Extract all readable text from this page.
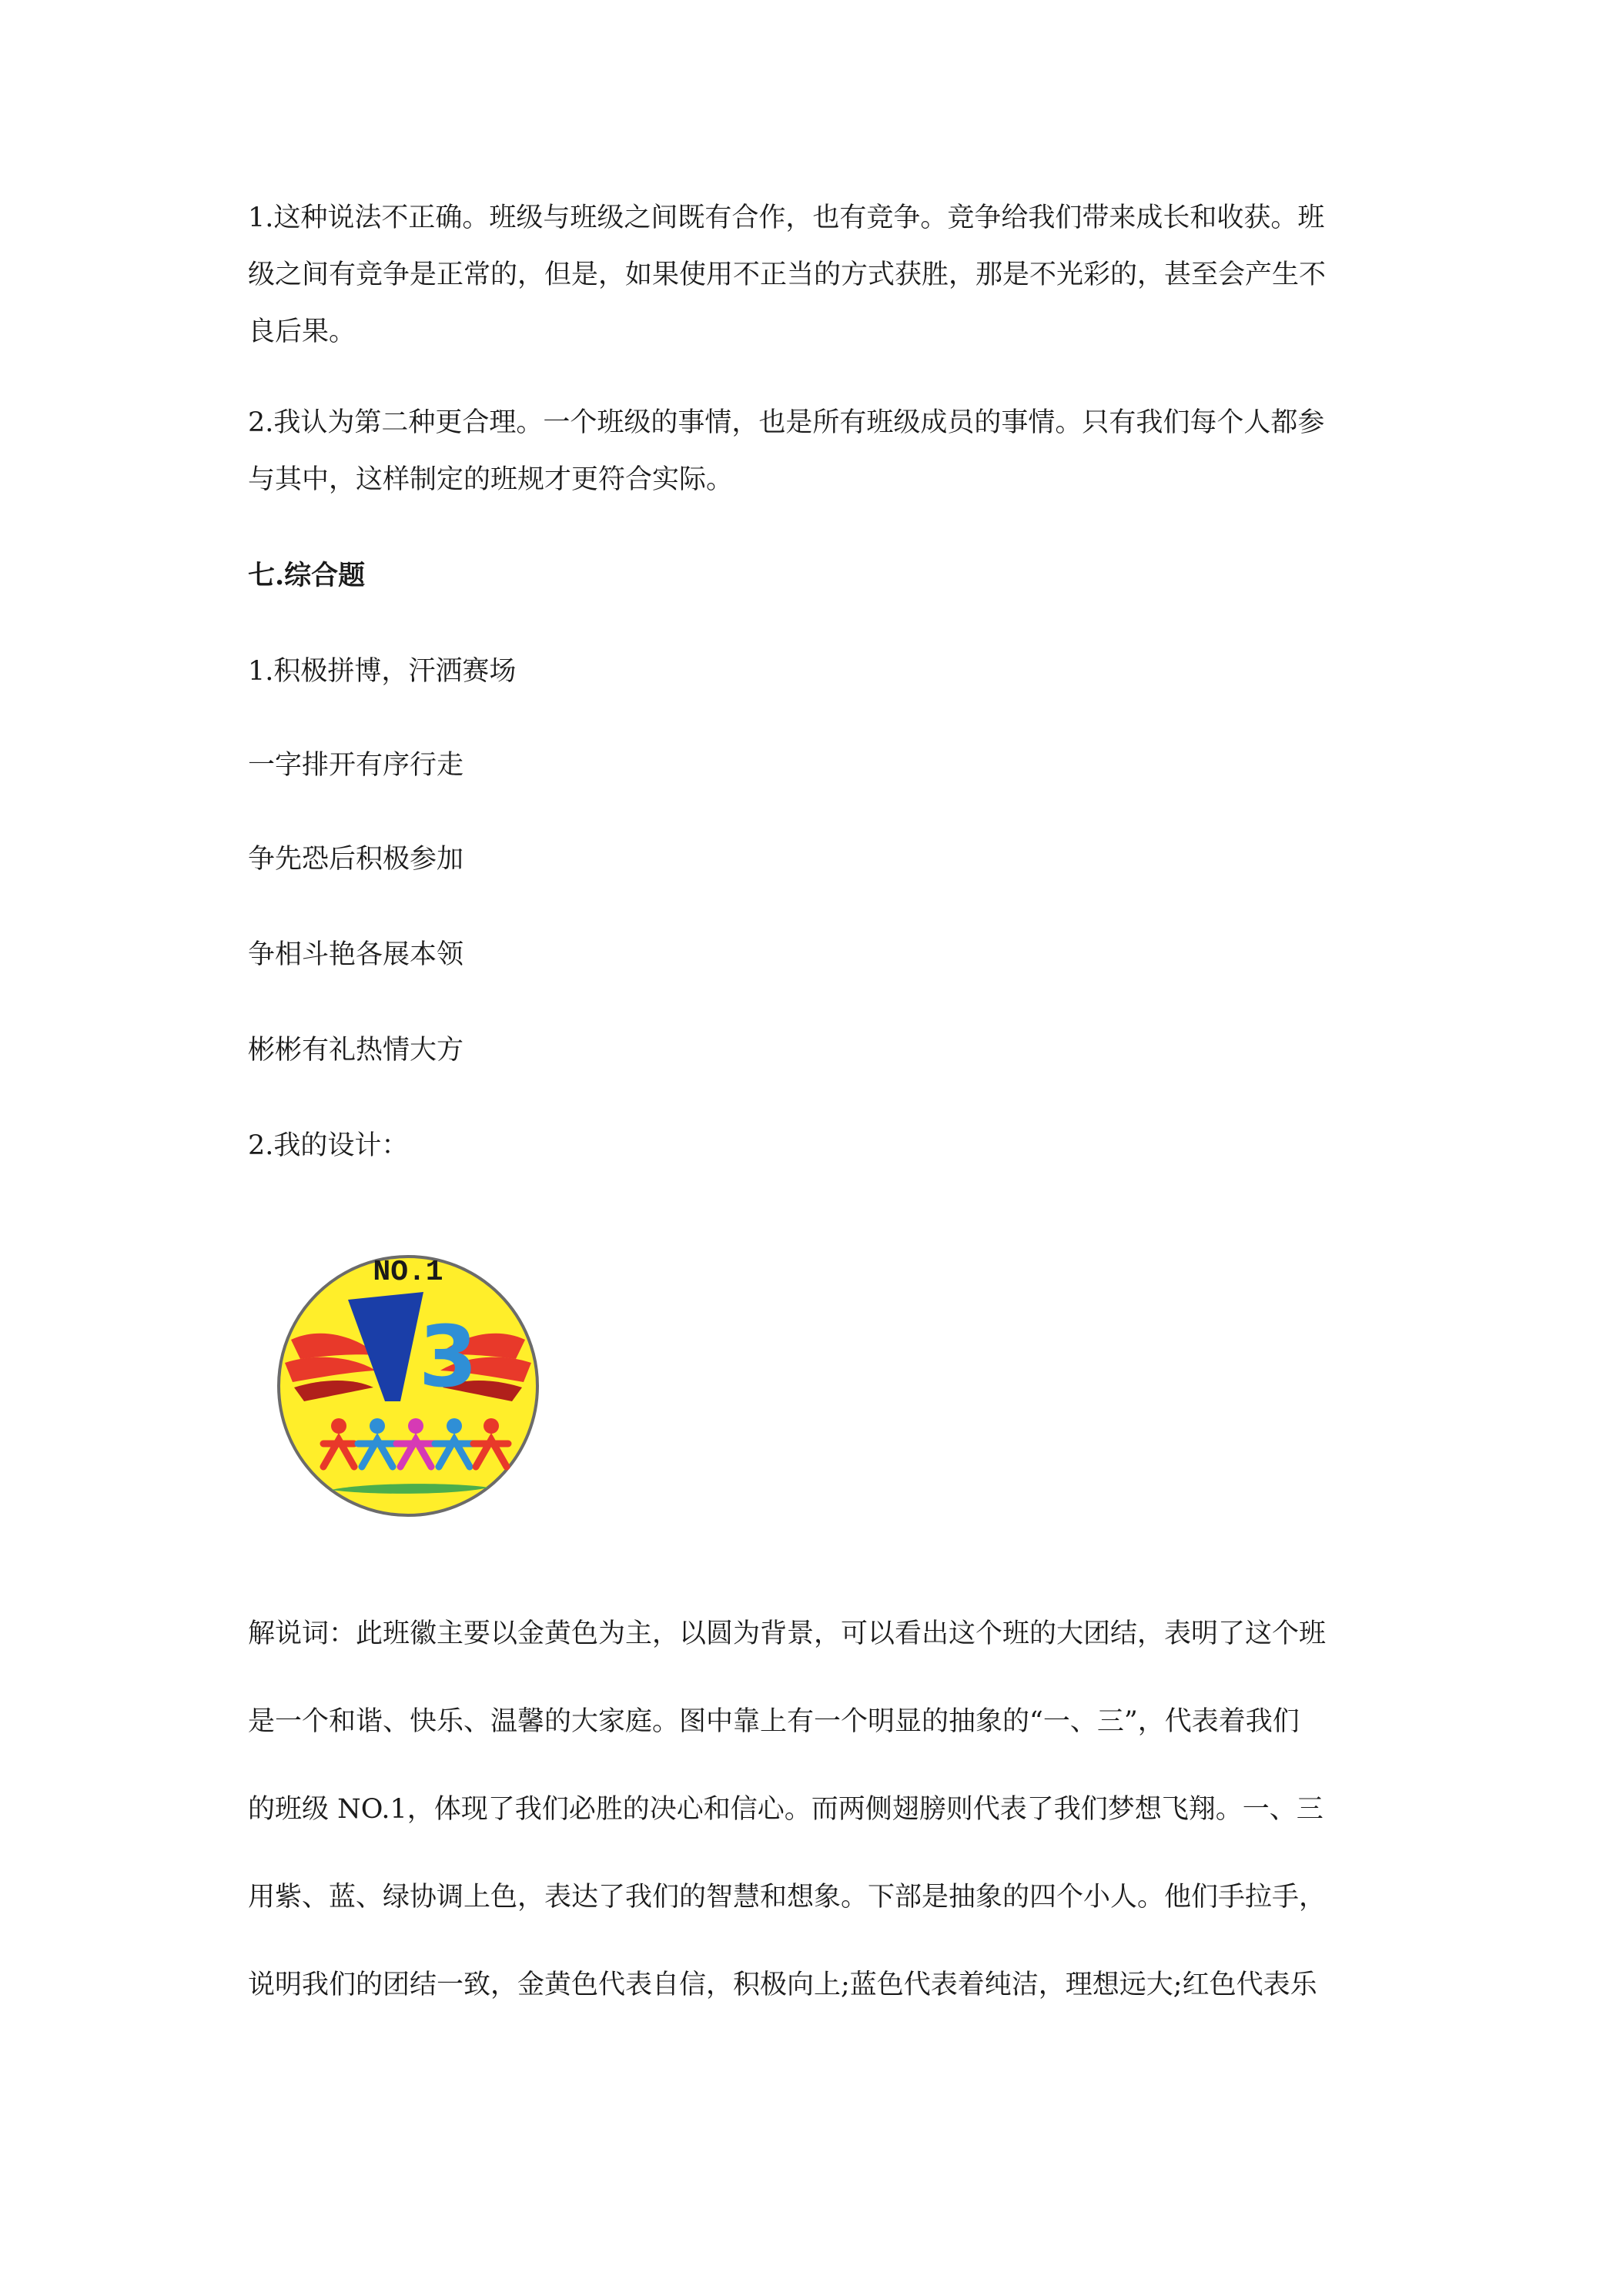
1.这种说法不正确。班级与班级之间既有合作，也有竞争。竞争给我们带来成长和收获。班
级之间有竞争是正常的，但是，如果使用不正当的方式获胜，那是不光彩的，甚至会产生不
良后果。
2.我认为第二种更合理。一个班级的事情，也是所有班级成员的事情。只有我们每个人都参
与其中，这样制定的班规才更符合实际。

七.综合题

1.积极拼博，汗洒赛场

一字排开有序行走

争先恐后积极参加

争相斗艳各展本领

彬彬有礼热情大方

2.我的设计：

NO.1
3
解说词：此班徽主要以金黄色为主，以圆为背景，可以看出这个班的大团结，表明了这个班
是一个和谐、快乐、温馨的大家庭。图中靠上有一个明显的抽象的“一、三”，代表着我们
的班级 NO.1，体现了我们必胜的决心和信心。而两侧翅膀则代表了我们梦想飞翔。一、三
用紫、蓝、绿协调上色，表达了我们的智慧和想象。下部是抽象的四个小人。他们手拉手，
说明我们的团结一致，金黄色代表自信，积极向上;蓝色代表着纯洁，理想远大;红色代表乐
